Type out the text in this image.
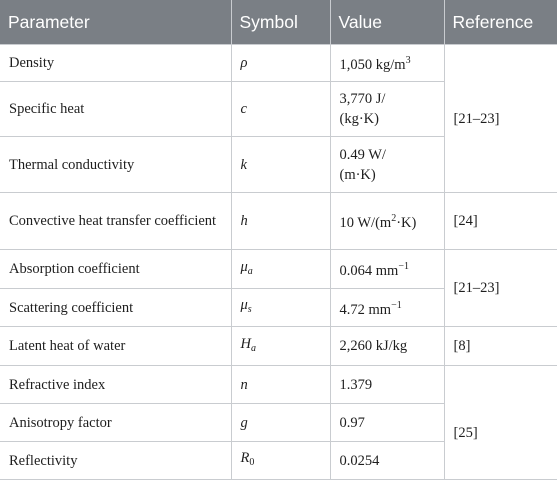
Parameter	Symbol	Value	Reference
Density	ρ	1,050 $kg/m^3$	[21–23]
Specific heat	c	3,770 J/
(kg·K)	
Thermal conductivity	k	0.49 W/
(m·K)	
Convective heat transfer coefficient	h	10 $W/(m^2\cdot K)$	[24]
Absorption coefficient	$\mu_a$	0.064 $mm^{-1}$	[21–23]
Scattering coefficient	$\mu_s$	4.72 $mm^{-1}$
Latent heat of water	$H_a$	2,260 kJ/kg	[8]
Refractive index	n	1.379	[25]
Anisotropy factor	g	0.97	
Reflectivity	$R_0$	0.0254	
